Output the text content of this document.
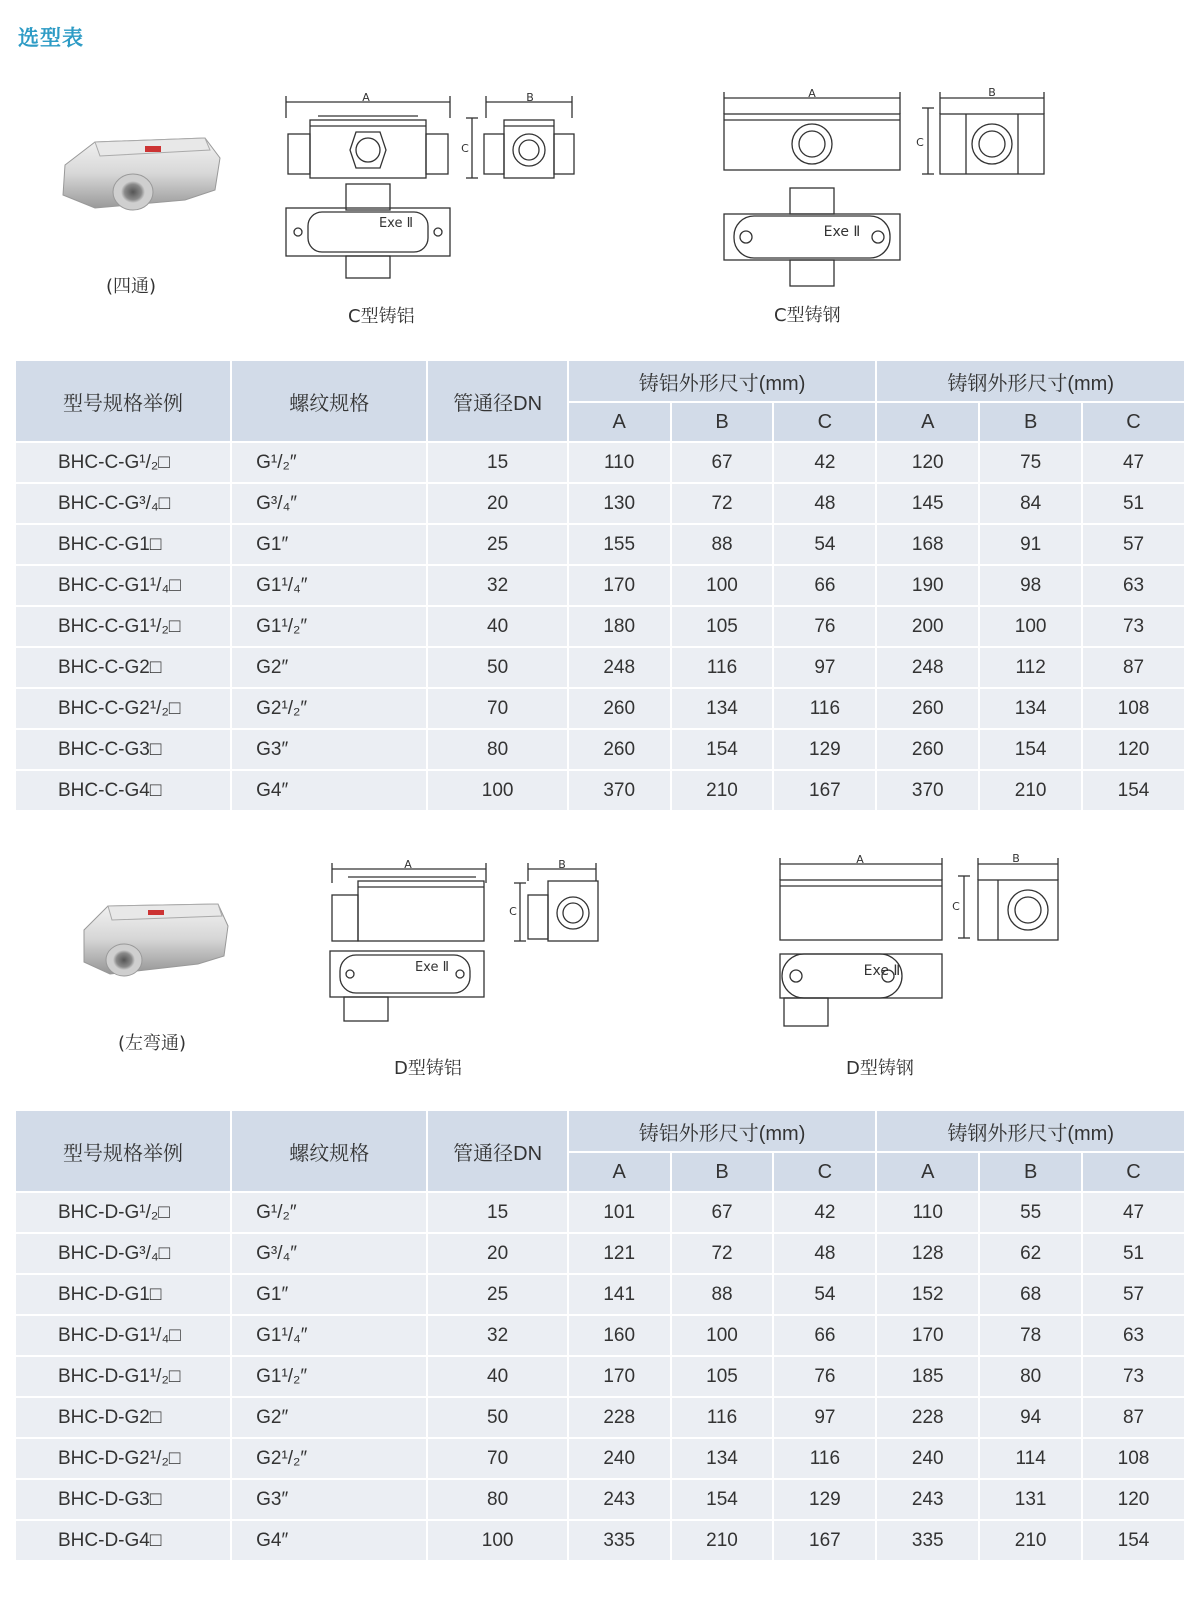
选型表
(四通)
A
Exe Ⅱ
C
B
C型铸铝
A
Exe Ⅱ
C
B
C型铸钢
型号规格举例	螺纹规格	管通径DN	铸铝外形尺寸(mm)			铸钢外形尺寸(mm)		
			A	B	C	A	B	C
BHC-C-G¹/₂□	G¹/₂″	15	110	67	42	120	75	47
BHC-C-G³/₄□	G³/₄″	20	130	72	48	145	84	51
BHC-C-G1□	G1″	25	155	88	54	168	91	57
BHC-C-G1¹/₄□	G1¹/₄″	32	170	100	66	190	98	63
BHC-C-G1¹/₂□	G1¹/₂″	40	180	105	76	200	100	73
BHC-C-G2□	G2″	50	248	116	97	248	112	87
BHC-C-G2¹/₂□	G2¹/₂″	70	260	134	116	260	134	108
BHC-C-G3□	G3″	80	260	154	129	260	154	120
BHC-C-G4□	G4″	100	370	210	167	370	210	154
(左弯通)
A
Exe Ⅱ
C
B
D型铸铝
A
Exe Ⅱ
C
B
D型铸钢
型号规格举例	螺纹规格	管通径DN	铸铝外形尺寸(mm)			铸钢外形尺寸(mm)		
			A	B	C	A	B	C
BHC-D-G¹/₂□	G¹/₂″	15	101	67	42	110	55	47
BHC-D-G³/₄□	G³/₄″	20	121	72	48	128	62	51
BHC-D-G1□	G1″	25	141	88	54	152	68	57
BHC-D-G1¹/₄□	G1¹/₄″	32	160	100	66	170	78	63
BHC-D-G1¹/₂□	G1¹/₂″	40	170	105	76	185	80	73
BHC-D-G2□	G2″	50	228	116	97	228	94	87
BHC-D-G2¹/₂□	G2¹/₂″	70	240	134	116	240	114	108
BHC-D-G3□	G3″	80	243	154	129	243	131	120
BHC-D-G4□	G4″	100	335	210	167	335	210	154
